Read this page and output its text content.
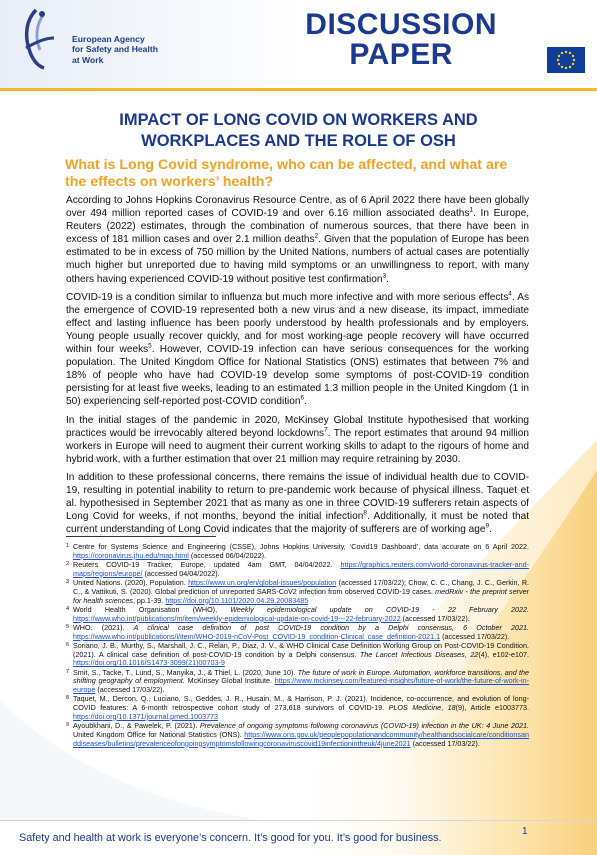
European Agency
for Safety and Health
at Work
DISCUSSION
PAPER
IMPACT OF LONG COVID ON WORKERS AND
WORKPLACES AND THE ROLE OF OSH
What is Long Covid syndrome, who can be affected, and what are
the effects on workers’ health?

According to Johns Hopkins Coronavirus Resource Centre, as of 6 April 2022 there have been globally over 494 million reported cases of COVID-19 and over 6.16 million associated deaths$^1$. In Europe, Reuters (2022) estimates, through the combination of numerous sources, that there have been in excess of 181 million cases and over 2.1 million deaths$^2$. Given that the population of Europe has been estimated to be in excess of 750 million by the United Nations, numbers of actual cases are potentially much higher but unreported due to having mild symptoms or an unwillingness to report, with many others having experienced COVID-19 without positive test confirmation$^3$.

COVID-19 is a condition similar to influenza but much more infective and with more serious effects$^4$. As the emergence of COVID-19 represented both a new virus and a new disease, its impact, immediate effect and lasting influence has been poorly understood by health professionals and by employers. Young people usually recover quickly, and for most working-age people recovery will have occurred within four weeks$^5$. However, COVID-19 infection can have serious consequences for the working population. The United Kingdom Office for National Statistics (ONS) estimates that between 7% and 18% of people who have had COVID-19 develop some symptoms of post-COVID-19 condition persisting for at least five weeks, leading to an estimated 1.3 million people in the United Kingdom (1 in 50) experiencing self-reported post-COVID condition$^6$.

In the initial stages of the pandemic in 2020, McKinsey Global Institute hypothesised that working practices would be irrevocably altered beyond lockdowns$^7$. The report estimates that around 94 million workers in Europe will need to augment their current working skills to adapt to the rigours of home and hybrid work, with a further estimation that over 21 million may require retraining by 2030.

In addition to these professional concerns, there remains the issue of individual health due to COVID-19, resulting in potential inability to return to pre-pandemic work because of physical illness. Taquet et al. hypothesised in September 2021 that as many as one in three COVID-19 sufferers retain aspects of Long Covid for weeks, if not months, beyond the initial infection$^8$. Additionally, it must be noted that current understanding of Long Covid indicates that the majority of sufferers are of working age$^9$.

1 Centre for Systems Science and Engineering (CSSE), Johns Hopkins University, ‘Covid19 Dashboard’, data accurate on 6 April 2022. https://coronavirus.jhu.edu/map.html (accessed 06/04/2022).
2 Reuters COVID-19 Tracker, Europe, updated 4am GMT, 04/04/2022. https://graphics.reuters.com/world-coronavirus-tracker-and-maps/regions/europe/ (accessed 04/04/2022).
3 United Nations. (2020). Population. https://www.un.org/en/global-issues/population (accessed 17/03/22); Chow, C. C., Chang, J. C., Gerkin, R. C., & Vattikuti, S. (2020). Global prediction of unreported SARS-CoV2 infection from observed COVID-19 cases. medRxiv - the preprint server for health sciences, pp.1-39. https://doi.org/10.1101/2020.04.29.20083485
4 World Health Organisation (WHO), Weekly epidemiological update on COVID-19 - 22 February 2022. https://www.who.int/publications/m/item/weekly-epidemiological-update-on-covid-19---22-february-2022 (accessed 17/03/22).
5 WHO. (2021). A clinical case definition of post COVID-19 condition by a Delphi consensus, 6 October 2021. https://www.who.int/publications/i/item/WHO-2019-nCoV-Post_COVID-19_condition-Clinical_case_definition-2021.1 (accessed 17/03/22).
6 Soriano, J. B., Murthy, S., Marshall, J. C., Relan, P., Diaz, J. V., & WHO Clinical Case Definition Working Group on Post-COVID-19 Condition. (2021). A clinical case definition of post-COVID-19 condition by a Delphi consensus. The Lancet Infectious Diseases, 22(4), e102-e107. https://doi.org/10.1016/S1473-3099(21)00703-9
7 Smit, S., Tacke, T., Lund, S., Manyika, J., & Thiel, L. (2020, June 10). The future of work in Europe. Automation, workforce transitions, and the shifting geography of employment. McKinsey Global Institute. https://www.mckinsey.com/featured-insights/future-of-work/the-future-of-work-in-europe (accessed 17/03/22).
8 Taquet, M., Dercon, Q., Luciano, S., Geddes, J. R., Husain, M., & Harrison, P. J. (2021). Incidence, co-occurrence, and evolution of long-COVID features: A 6-month retrospective cohort study of 273,618 survivors of COVID-19. PLOS Medicine, 18(9), Article e1003773. https://doi.org/10.1371/journal.pmed.1003773
9 Ayoubkhani, D., & Pawelek, P. (2021). Prevalence of ongoing symptoms following coronavirus (COVID-19) infection in the UK: 4 June 2021. United Kingdom Office for National Statistics (ONS). https://www.ons.gov.uk/peoplepopulationandcommunity/healthandsocialcare/conditionsanddiseases/bulletins/prevalenceofongoingsymptomsfollowingcoronaviruscovid19infectionintheuk/4june2021 (accessed 17/03/22).
Safety and health at work is everyone’s concern. It’s good for you. It’s good for business.
1
